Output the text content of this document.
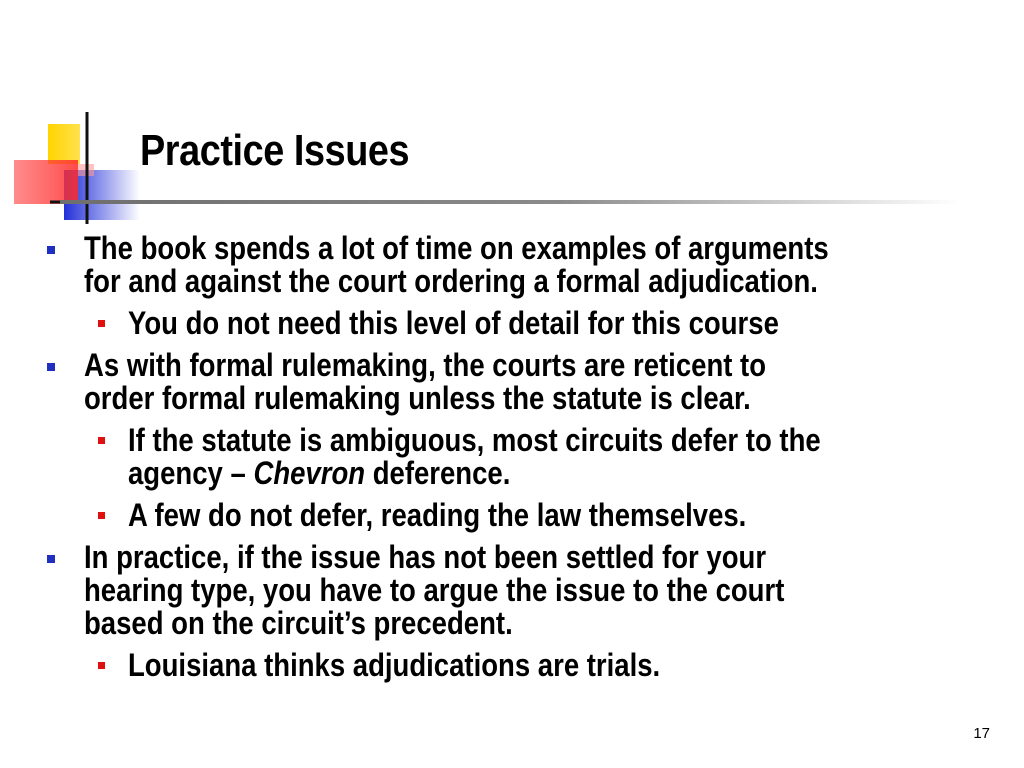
Practice Issues
The book spends a lot of time on examples of arguments
for and against the court ordering a formal adjudication.
You do not need this level of detail for this course
As with formal rulemaking, the courts are reticent to
order formal rulemaking unless the statute is clear.
If the statute is ambiguous, most circuits defer to the
agency – Chevron deference.
A few do not defer, reading the law themselves.
In practice, if the issue has not been settled for your
hearing type, you have to argue the issue to the court
based on the circuit’s precedent.
Louisiana thinks adjudications are trials.
17
